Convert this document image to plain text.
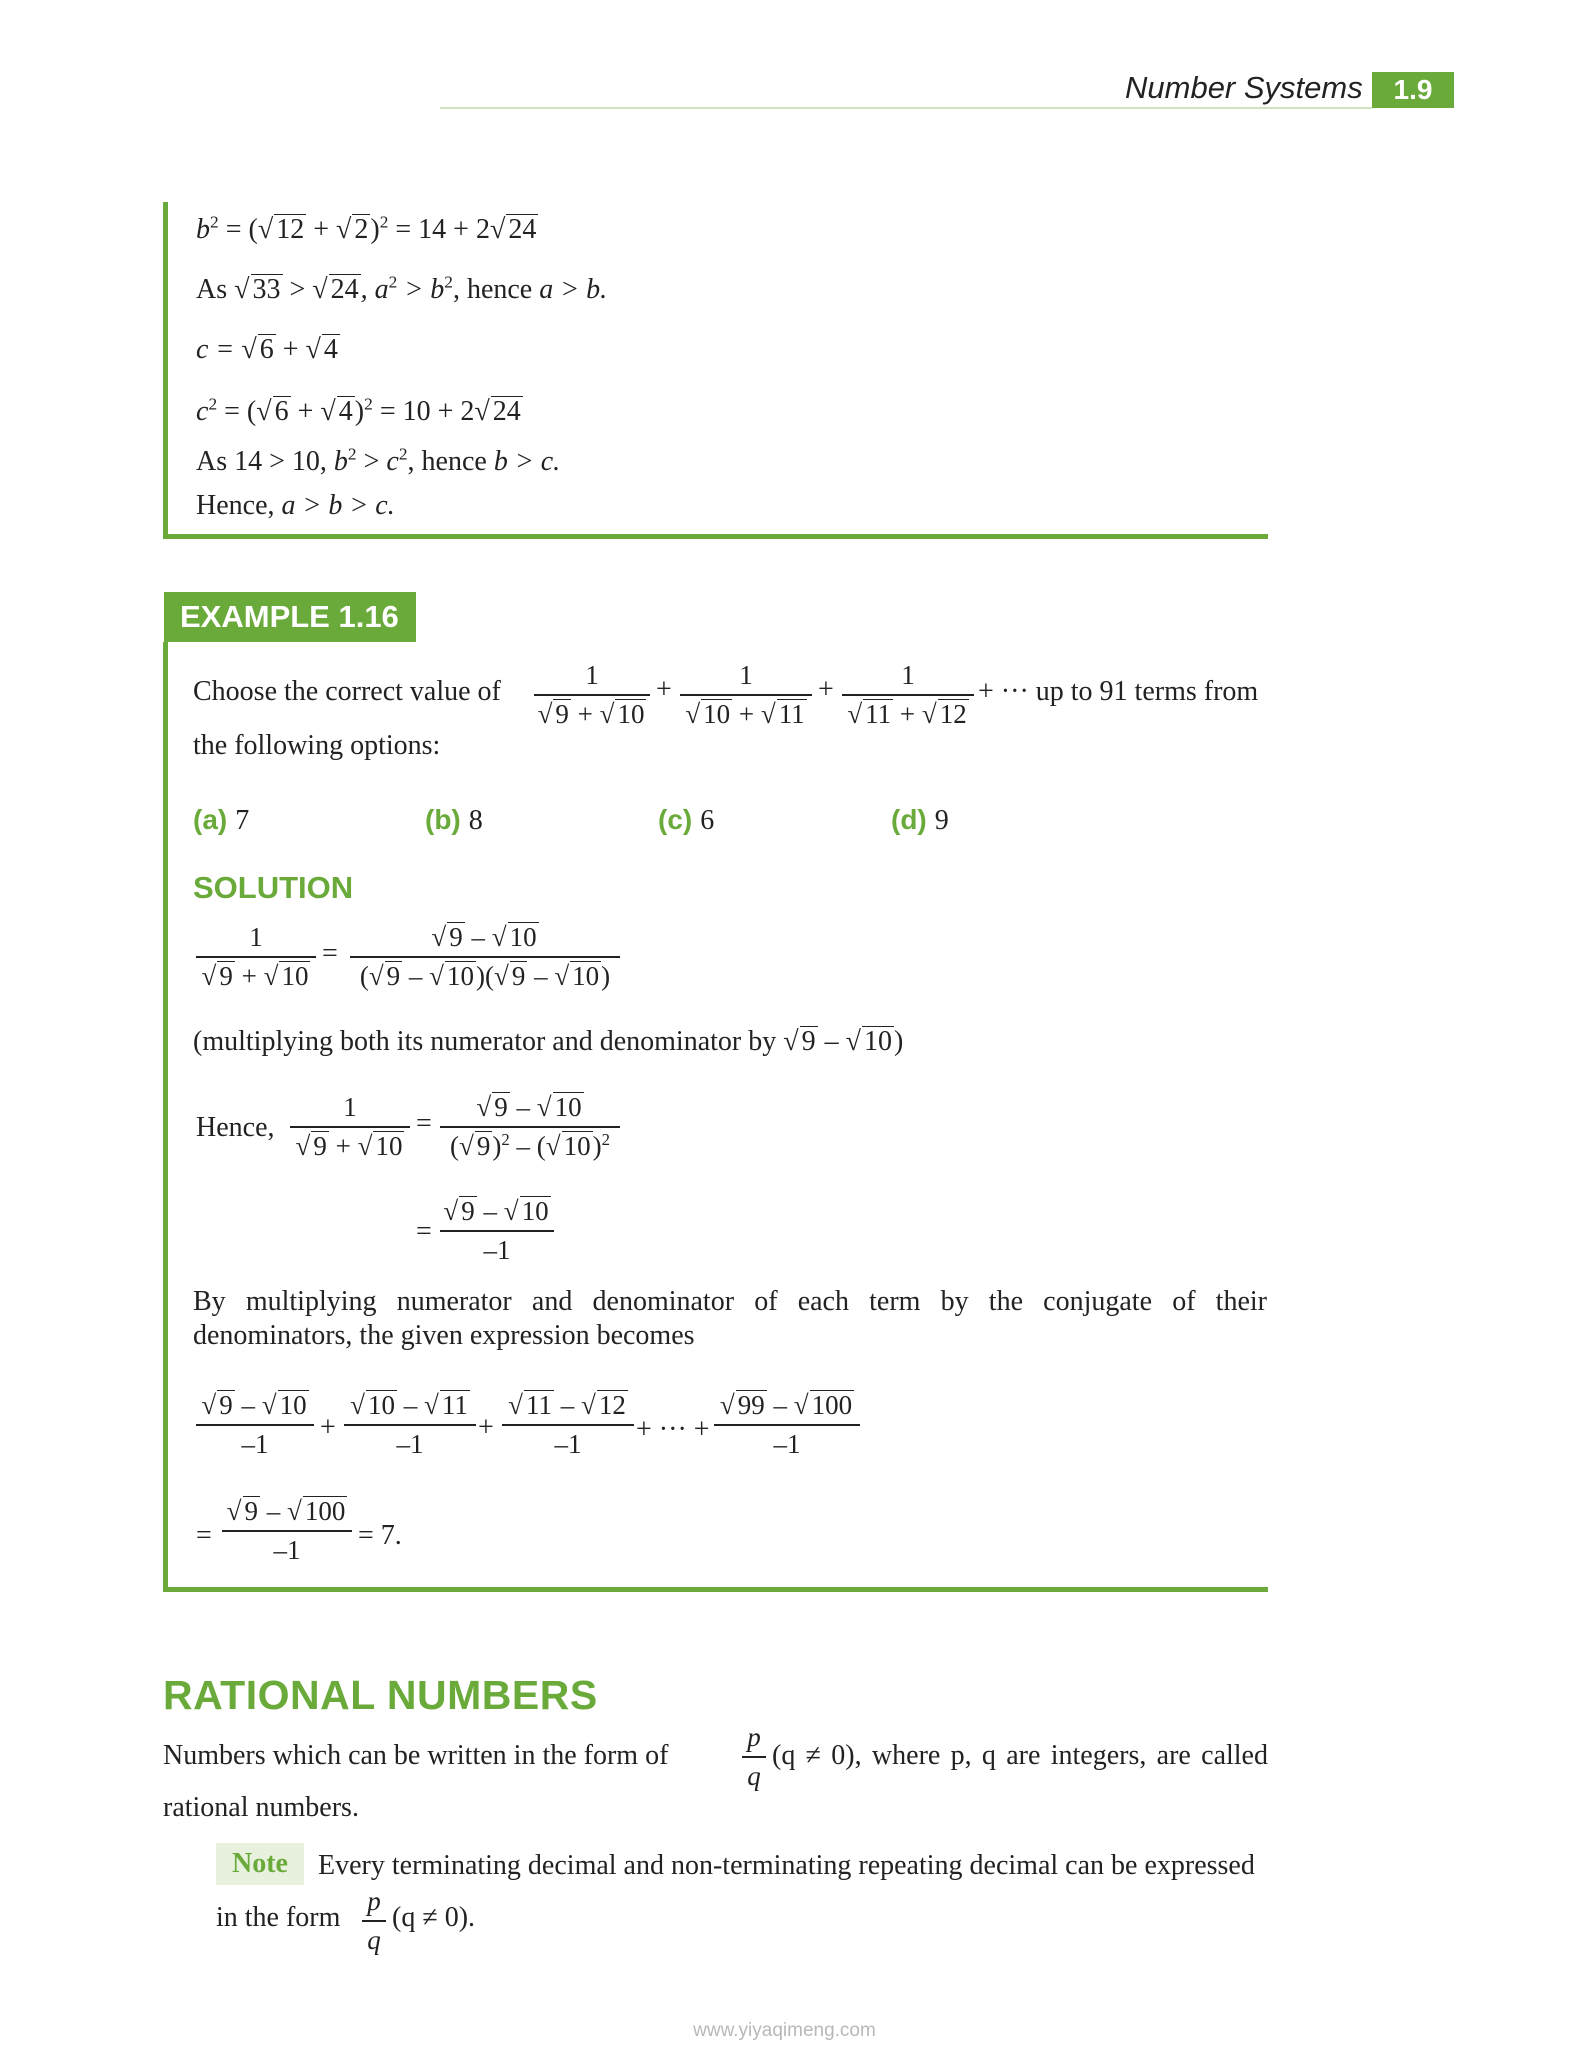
Number Systems	1.9
$b^2$ = (√ 12 + √ 2)$^2$ = 14 + 2√ 24
As √ 33 > √ 24, $a^2 > b^2$, hence a > b.
c = √ 6 + √ 4
$c^2$ = (√ 6 + √ 4)$^2$ = 10 + 2√ 24
As 14 > 10, $b^2 > c^2$, hence b > c.
Hence, a > b > c.
EXAMPLE 1.16
Choose the correct value of
1
√ 9 + √ 10
+	1
√ 10 + √ 11
+	1
√ 11 + √ 12
+ ··· up to 91 terms from
the following options:
(a) 7	(b) 8	(c) 6	(d) 9
SOLUTION
1
√ 9 + √ 10
=
√ 9 – √ 10
(√ 9 – √ 10)(√ 9 – √ 10)
(multiplying both its numerator and denominator by √ 9 – √ 10)
Hence,
1
√ 9 + √ 10
=
√ 9 – √ 10
(√ 9)$^2$ – (√ 10)$^2$
=
√ 9 – √ 10
–1
By multiplying numerator and denominator of each term by the conjugate of their
denominators, the given expression becomes
√ 9 – √ 10
–1
+
√ 10 – √ 11
–1
+
√ 11 – √ 12
–1	+ ··· +
√ 99 – √ 100
–1
=
√ 9 – √ 100
–1	= 7.
RATIONAL NUMBERS
Numbers which can be written in the form of
p
q
(q ≠ 0), where p, q are integers, are called
rational numbers.
Note	Every terminating decimal and non-terminating repeating decimal can be expressed
in the form
p
q
(q ≠ 0).
www.yiyaqimeng.com
